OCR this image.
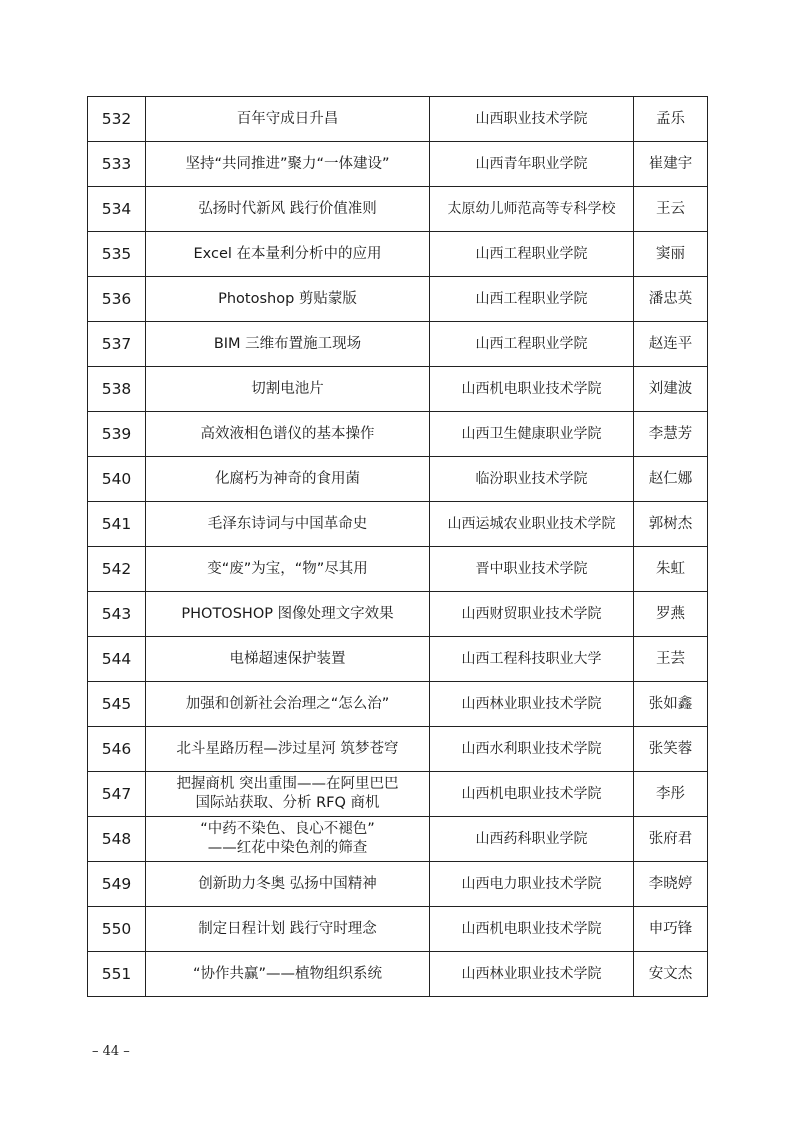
532	百年守成日升昌	山西职业技术学院	孟乐
533	坚持“共同推进”聚力“一体建设”	山西青年职业学院	崔建宇
534	弘扬时代新风 践行价值准则	太原幼儿师范高等专科学校	王云
535	Excel 在本量利分析中的应用	山西工程职业学院	窦丽
536	Photoshop 剪贴蒙版	山西工程职业学院	潘忠英
537	BIM 三维布置施工现场	山西工程职业学院	赵连平
538	切割电池片	山西机电职业技术学院	刘建波
539	高效液相色谱仪的基本操作	山西卫生健康职业学院	李慧芳
540	化腐朽为神奇的食用菌	临汾职业技术学院	赵仁娜
541	毛泽东诗词与中国革命史	山西运城农业职业技术学院	郭树杰
542	变“废”为宝，“物”尽其用	晋中职业技术学院	朱虹
543	PHOTOSHOP 图像处理文字效果	山西财贸职业技术学院	罗燕
544	电梯超速保护装置	山西工程科技职业大学	王芸
545	加强和创新社会治理之“怎么治”	山西林业职业技术学院	张如鑫
546	北斗星路历程—涉过星河 筑梦苍穹	山西水利职业技术学院	张笑蓉
547	把握商机 突出重围——在阿里巴巴
国际站获取、分析 RFQ 商机	山西机电职业技术学院	李彤
548	“中药不染色、良心不褪色”
——红花中染色剂的筛查	山西药科职业学院	张府君
549	创新助力冬奥 弘扬中国精神	山西电力职业技术学院	李晓婷
550	制定日程计划 践行守时理念	山西机电职业技术学院	申巧锋
551	“协作共赢”——植物组织系统	山西林业职业技术学院	安文杰
– 44 –
